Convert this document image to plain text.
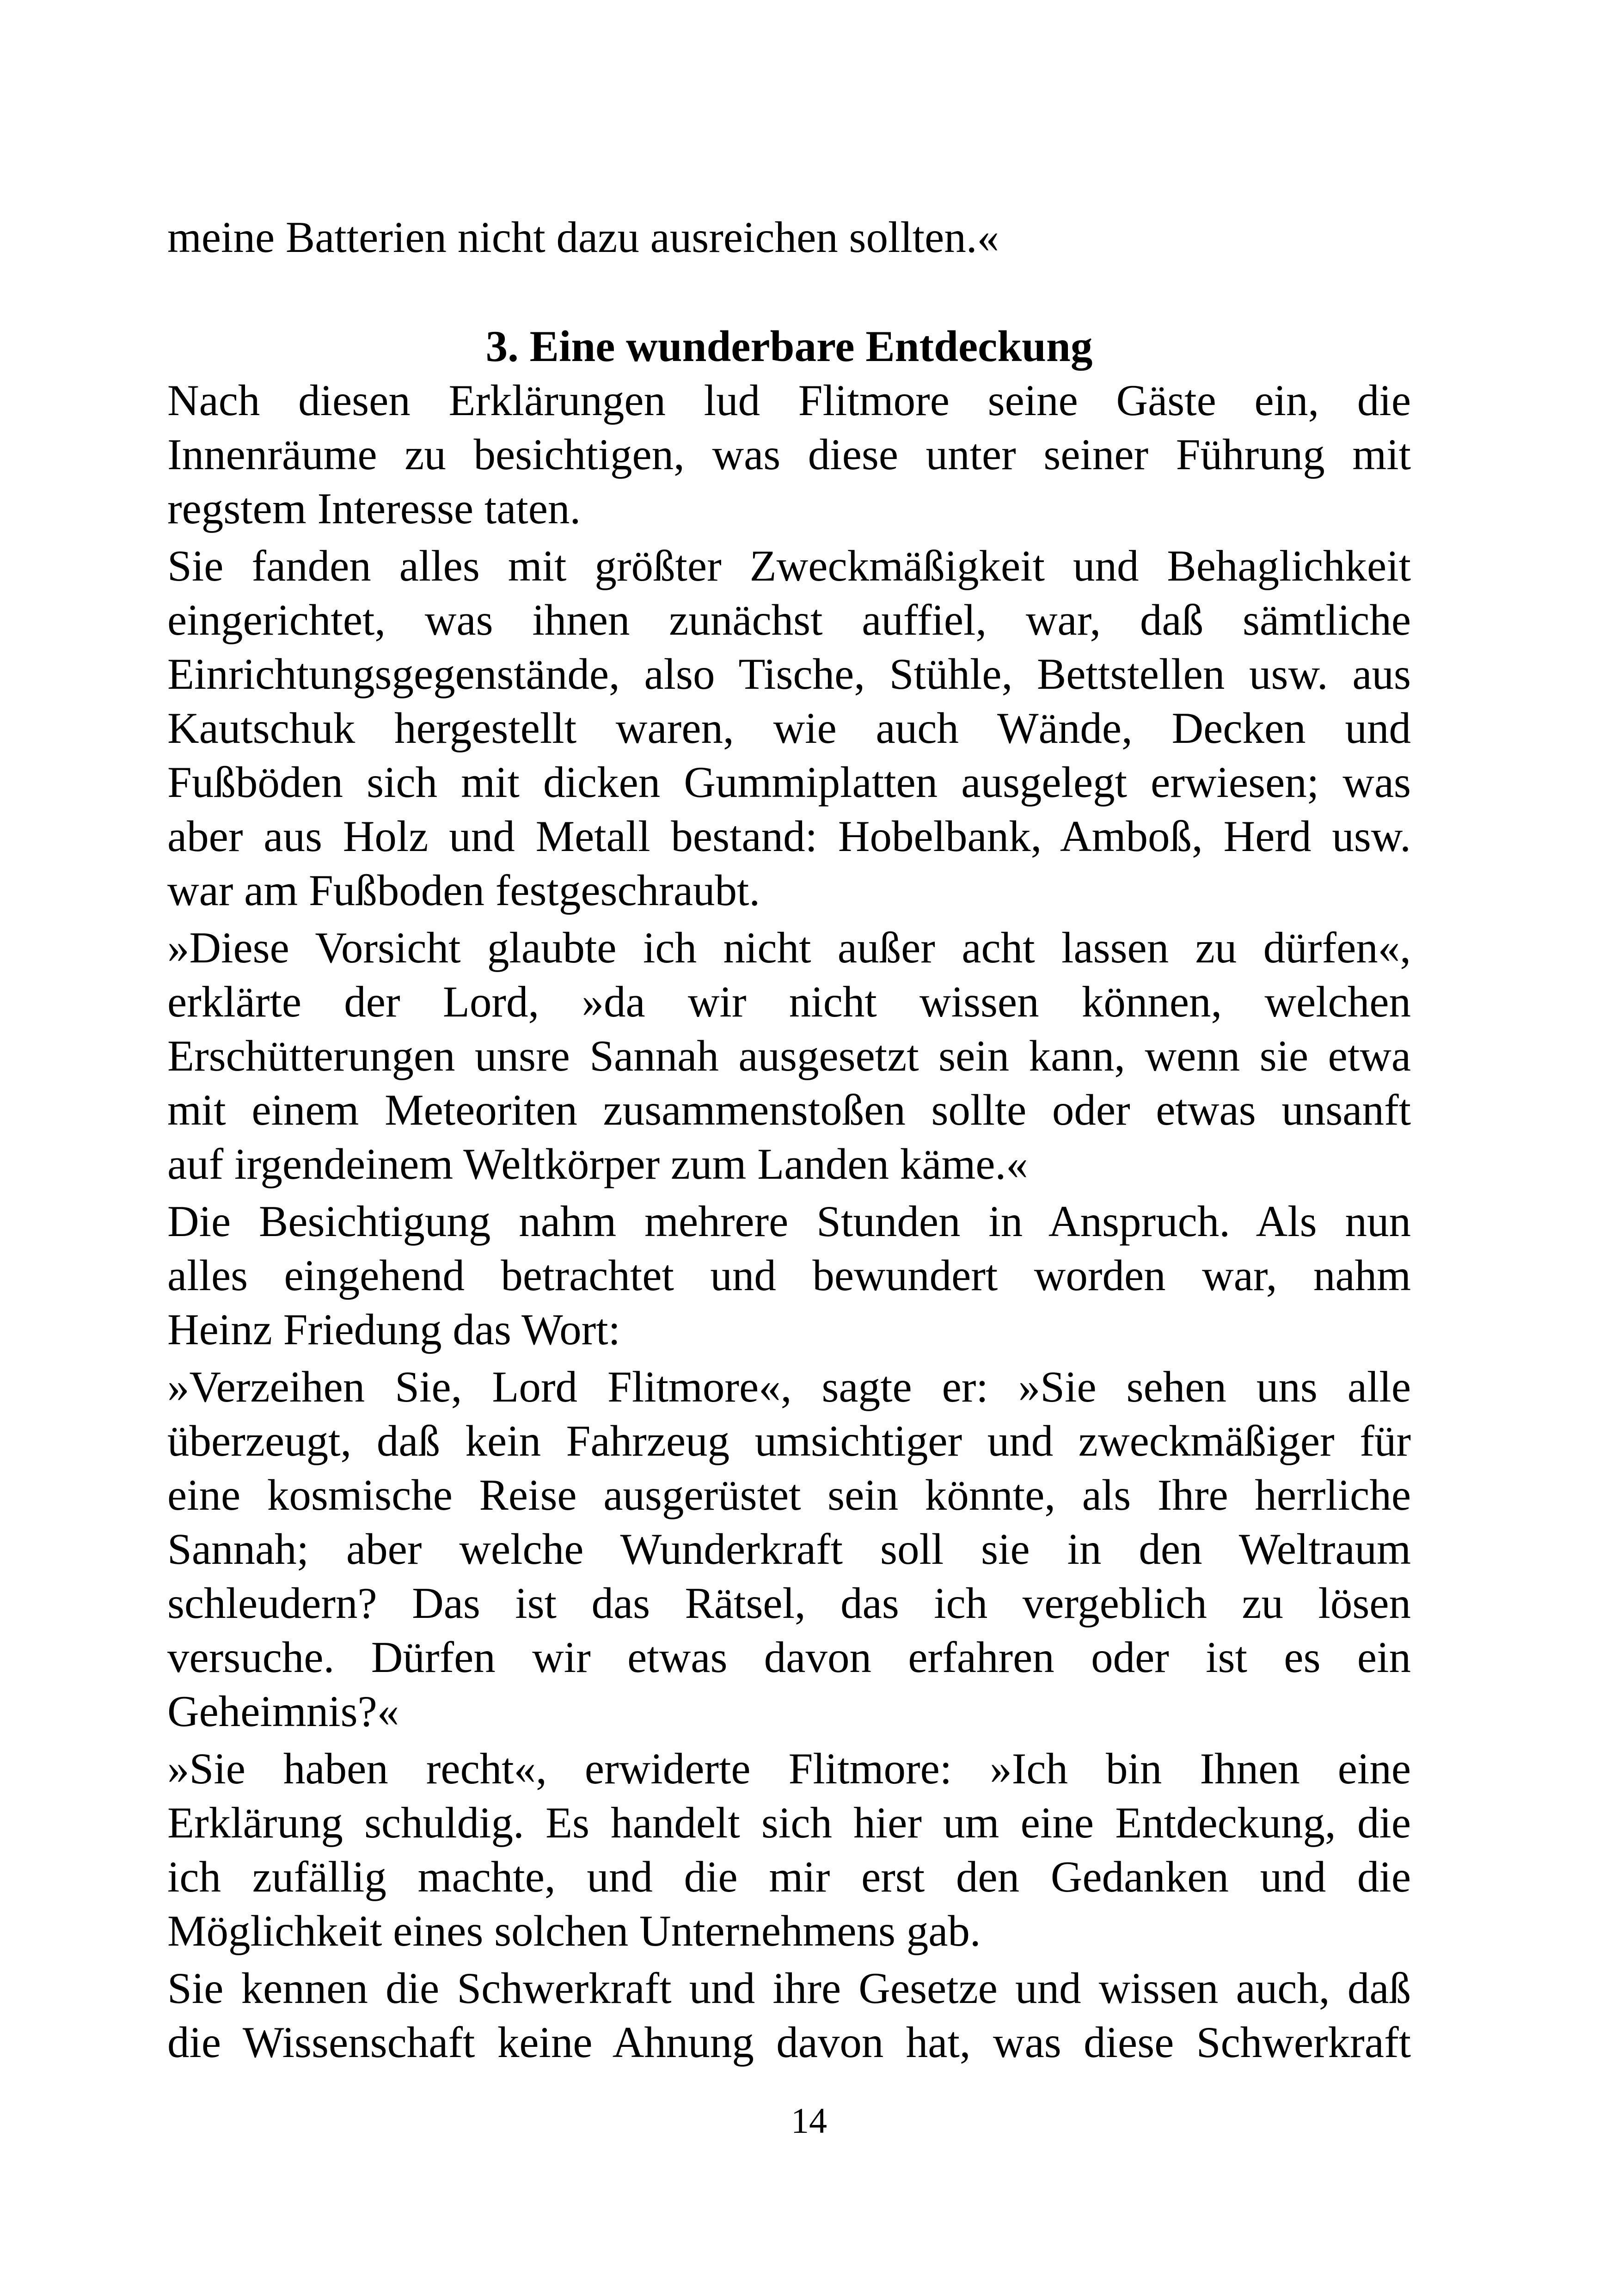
meine Batterien nicht dazu ausreichen sollten.«
3. Eine wunderbare Entdeckung
Nach diesen Erklärungen lud Flitmore seine Gäste ein, die
Innenräume zu besichtigen, was diese unter seiner Führung mit
regstem Interesse taten.
Sie fanden alles mit größter Zweckmäßigkeit und Behaglichkeit
eingerichtet, was ihnen zunächst auffiel, war, daß sämtliche
Einrichtungsgegenstände, also Tische, Stühle, Bettstellen usw. aus
Kautschuk hergestellt waren, wie auch Wände, Decken und
Fußböden sich mit dicken Gummiplatten ausgelegt erwiesen; was
aber aus Holz und Metall bestand: Hobelbank, Amboß, Herd usw.
war am Fußboden festgeschraubt.
»Diese Vorsicht glaubte ich nicht außer acht lassen zu dürfen«,
erklärte der Lord, »da wir nicht wissen können, welchen
Erschütterungen unsre Sannah ausgesetzt sein kann, wenn sie etwa
mit einem Meteoriten zusammenstoßen sollte oder etwas unsanft
auf irgendeinem Weltkörper zum Landen käme.«
Die Besichtigung nahm mehrere Stunden in Anspruch. Als nun
alles eingehend betrachtet und bewundert worden war, nahm
Heinz Friedung das Wort:
»Verzeihen Sie, Lord Flitmore«, sagte er: »Sie sehen uns alle
überzeugt, daß kein Fahrzeug umsichtiger und zweckmäßiger für
eine kosmische Reise ausgerüstet sein könnte, als Ihre herrliche
Sannah; aber welche Wunderkraft soll sie in den Weltraum
schleudern? Das ist das Rätsel, das ich vergeblich zu lösen
versuche. Dürfen wir etwas davon erfahren oder ist es ein
Geheimnis?«
»Sie haben recht«, erwiderte Flitmore: »Ich bin Ihnen eine
Erklärung schuldig. Es handelt sich hier um eine Entdeckung, die
ich zufällig machte, und die mir erst den Gedanken und die
Möglichkeit eines solchen Unternehmens gab.
Sie kennen die Schwerkraft und ihre Gesetze und wissen auch, daß
die Wissenschaft keine Ahnung davon hat, was diese Schwerkraft
14
